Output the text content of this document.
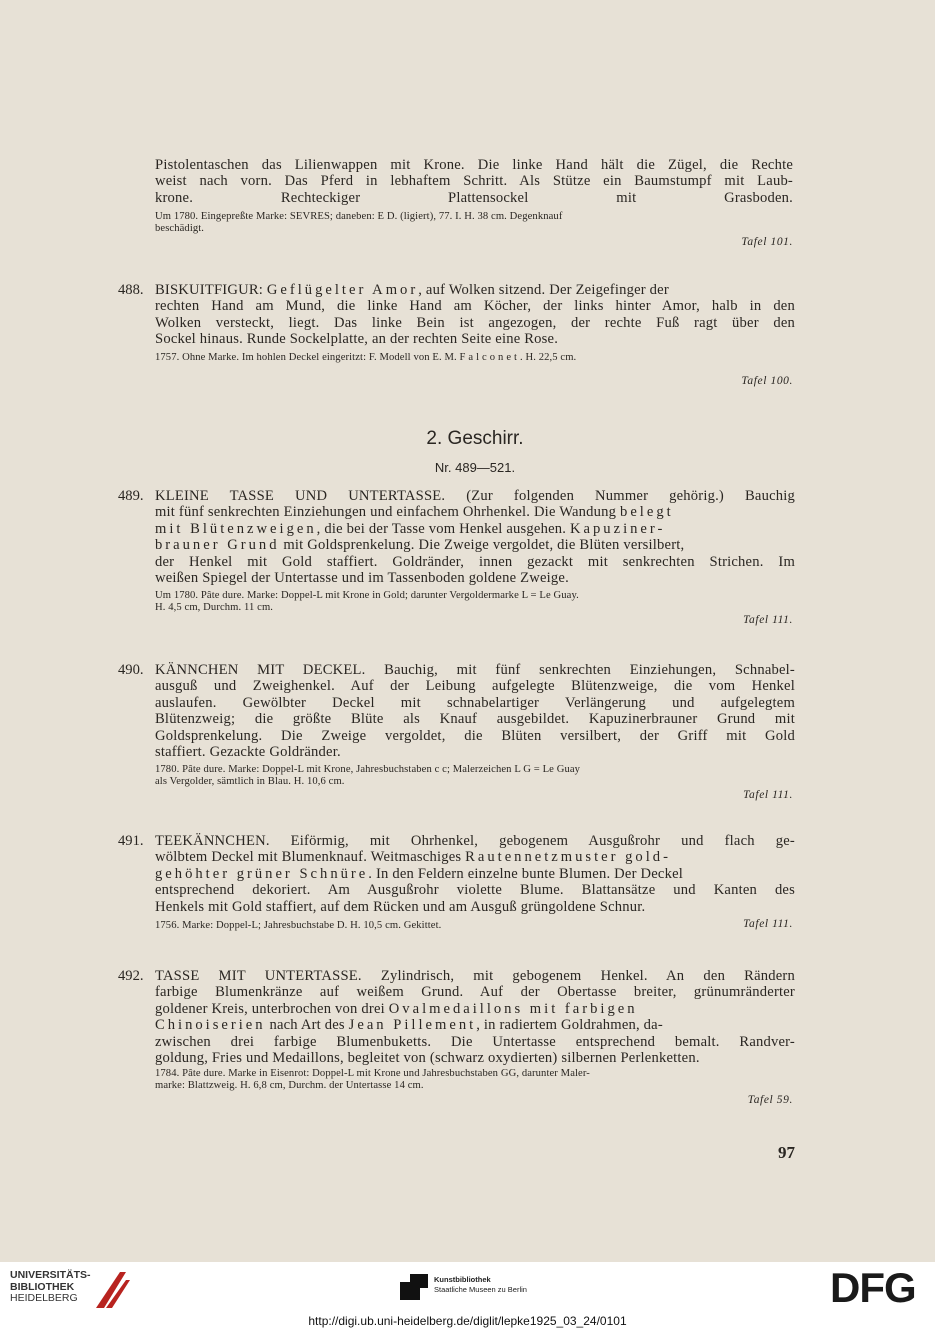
Pistolentaschen das Lilienwappen mit Krone. Die linke Hand hält die Zügel, die Rechte
weist nach vorn. Das Pferd in lebhaftem Schritt. Als Stütze ein Baumstumpf mit Laub-
krone. Rechteckiger Plattensockel mit Grasboden.
Um 1780. Eingepreßte Marke: SEVRES; daneben: E D. (ligiert), 77. I. H. 38 cm. Degenknauf
beschädigt.
Tafel 101.
488. BISKUITFIGUR: Geflügelter Amor, auf Wolken sitzend. Der Zeigefinger der
rechten Hand am Mund, die linke Hand am Köcher, der links hinter Amor, halb in den
Wolken versteckt, liegt. Das linke Bein ist angezogen, der rechte Fuß ragt über den
Sockel hinaus. Runde Sockelplatte, an der rechten Seite eine Rose.
1757. Ohne Marke. Im hohlen Deckel eingeritzt: F. Modell von E. M. Falconet. H. 22,5 cm.
Tafel 100.
2. Geschirr.
Nr. 489—521.
489. KLEINE TASSE UND UNTERTASSE. (Zur folgenden Nummer gehörig.) Bauchig
mit fünf senkrechten Einziehungen und einfachem Ohrhenkel. Die Wandung belegt
mit Blütenzweigen, die bei der Tasse vom Henkel ausgehen. Kapuziner-
brauner Grund mit Goldsprenkelung. Die Zweige vergoldet, die Blüten versilbert,
der Henkel mit Gold staffiert. Goldränder, innen gezackt mit senkrechten Strichen. Im
weißen Spiegel der Untertasse und im Tassenboden goldene Zweige.
Um 1780. Pâte dure. Marke: Doppel-L mit Krone in Gold; darunter Vergoldermarke L = Le Guay.
H. 4,5 cm, Durchm. 11 cm.
Tafel 111.
490. KÄNNCHEN MIT DECKEL. Bauchig, mit fünf senkrechten Einziehungen, Schnabel-
ausguß und Zweighenkel. Auf der Leibung aufgelegte Blütenzweige, die vom Henkel
auslaufen. Gewölbter Deckel mit schnabelartiger Verlängerung und aufgelegtem
Blütenzweig; die größte Blüte als Knauf ausgebildet. Kapuzinerbrauner Grund mit
Goldsprenkelung. Die Zweige vergoldet, die Blüten versilbert, der Griff mit Gold
staffiert. Gezackte Goldränder.
1780. Pâte dure. Marke: Doppel-L mit Krone, Jahresbuchstaben c c; Malerzeichen L G = Le Guay
als Vergolder, sämtlich in Blau. H. 10,6 cm.
Tafel 111.
491. TEEKÄNNCHEN. Eiförmig, mit Ohrhenkel, gebogenem Ausgußrohr und flach ge-
wölbtem Deckel mit Blumenknauf. Weitmaschiges Rautennetzmuster gold-
gehöhter grüner Schnüre. In den Feldern einzelne bunte Blumen. Der Deckel
entsprechend dekoriert. Am Ausgußrohr violette Blume. Blattansätze und Kanten des
Henkels mit Gold staffiert, auf dem Rücken und am Ausguß grüngoldene Schnur.
1756. Marke: Doppel-L; Jahresbuchstabe D. H. 10,5 cm. Gekittet.	Tafel 111.
492. TASSE MIT UNTERTASSE. Zylindrisch, mit gebogenem Henkel. An den Rändern
farbige Blumenkränze auf weißem Grund. Auf der Obertasse breiter, grünumränderter
goldener Kreis, unterbrochen von drei Ovalmedaillons mit farbigen
Chinoiserien nach Art des Jean Pillement, in radiertem Goldrahmen, da-
zwischen drei farbige Blumenbuketts. Die Untertasse entsprechend bemalt. Randver-
goldung, Fries und Medaillons, begleitet von (schwarz oxydierten) silbernen Perlenketten.
1784. Pâte dure. Marke in Eisenrot: Doppel-L mit Krone und Jahresbuchstaben GG, darunter Maler-
marke: Blattzweig. H. 6,8 cm, Durchm. der Untertasse 14 cm.
Tafel 59.
97
UNIVERSITÄTS-
BIBLIOTHEK
HEIDELBERG
Kunstbibliothek
Staatliche Museen zu Berlin	DFG
http://digi.ub.uni-heidelberg.de/diglit/lepke1925_03_24/0101
